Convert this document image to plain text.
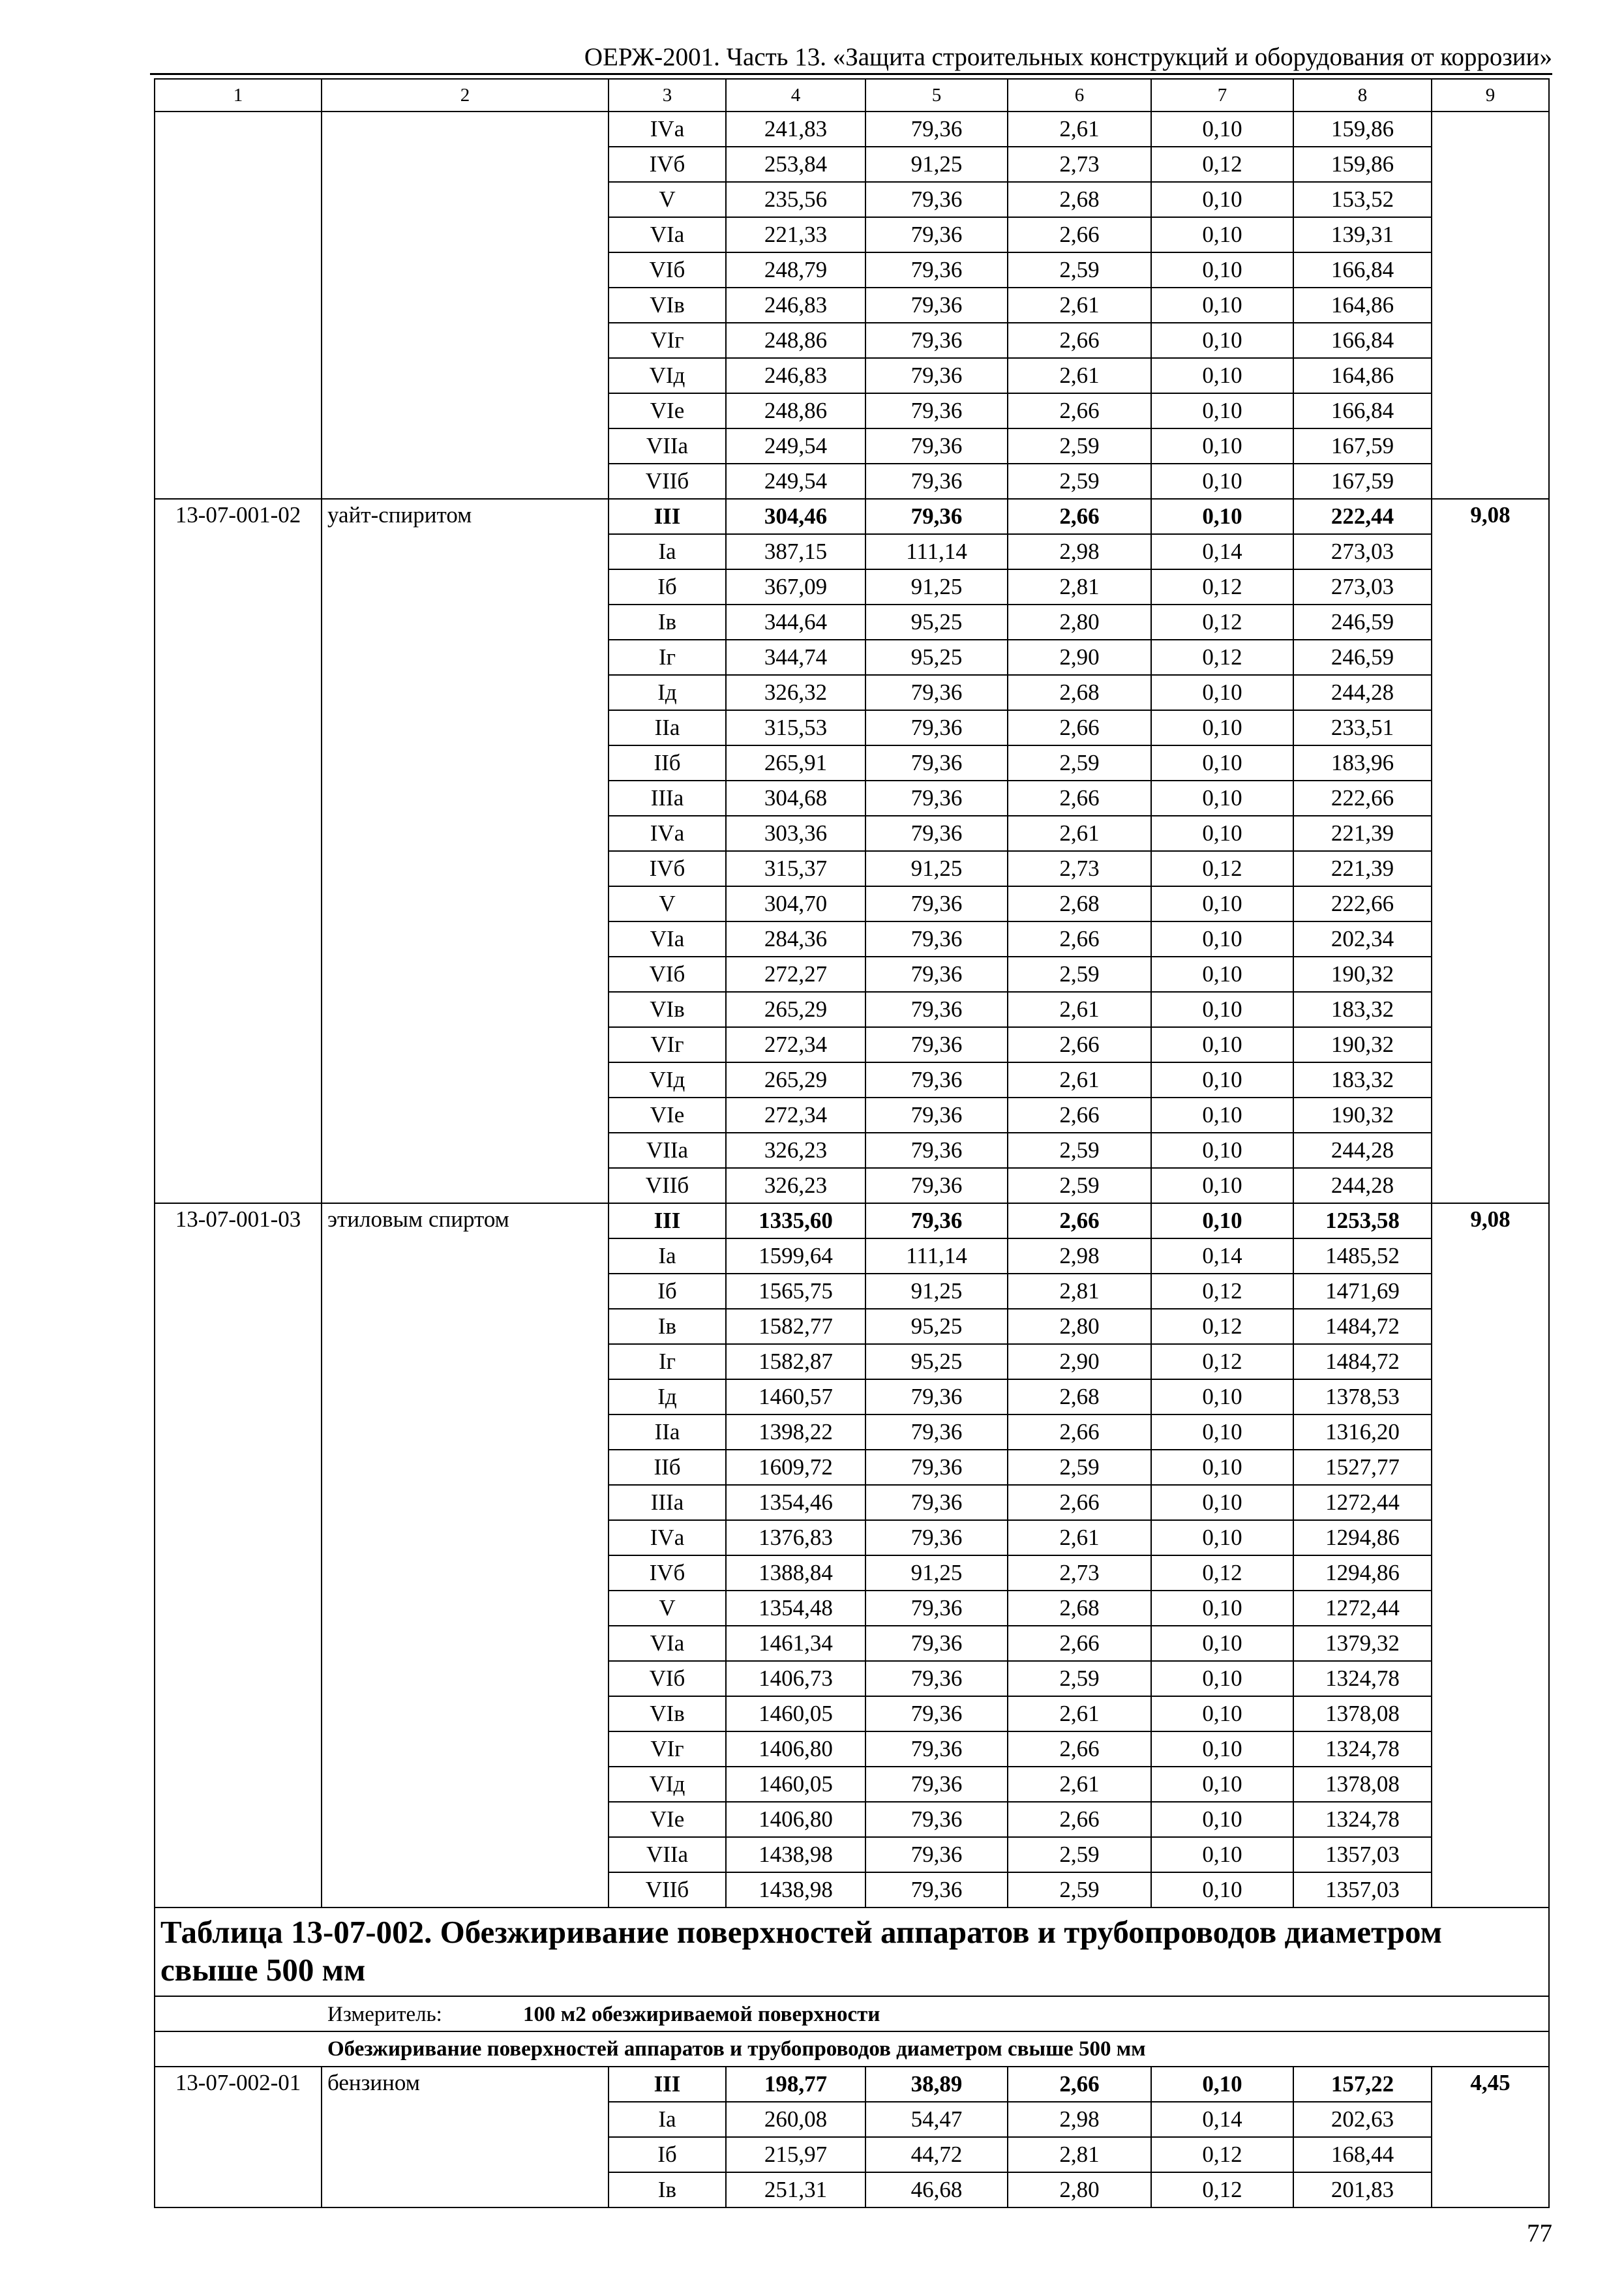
ОЕРЖ-2001. Часть 13. «Защита строительных конструкций и оборудования от коррозии»
1	2	3	4	5	6	7	8	9
		IVа	241,83	79,36	2,61	0,10	159,86	
		IVб	253,84	91,25	2,73	0,12	159,86	
		V	235,56	79,36	2,68	0,10	153,52	
		VIа	221,33	79,36	2,66	0,10	139,31	
		VIб	248,79	79,36	2,59	0,10	166,84	
		VIв	246,83	79,36	2,61	0,10	164,86	
		VIг	248,86	79,36	2,66	0,10	166,84	
		VIд	246,83	79,36	2,61	0,10	164,86	
		VIе	248,86	79,36	2,66	0,10	166,84	
		VIIа	249,54	79,36	2,59	0,10	167,59	
		VIIб	249,54	79,36	2,59	0,10	167,59	
13-07-001-02	уайт-спиритом	III	304,46	79,36	2,66	0,10	222,44	9,08
		Iа	387,15	111,14	2,98	0,14	273,03	
		Iб	367,09	91,25	2,81	0,12	273,03	
		Iв	344,64	95,25	2,80	0,12	246,59	
		Iг	344,74	95,25	2,90	0,12	246,59	
		Iд	326,32	79,36	2,68	0,10	244,28	
		IIа	315,53	79,36	2,66	0,10	233,51	
		IIб	265,91	79,36	2,59	0,10	183,96	
		IIIа	304,68	79,36	2,66	0,10	222,66	
		IVа	303,36	79,36	2,61	0,10	221,39	
		IVб	315,37	91,25	2,73	0,12	221,39	
		V	304,70	79,36	2,68	0,10	222,66	
		VIа	284,36	79,36	2,66	0,10	202,34	
		VIб	272,27	79,36	2,59	0,10	190,32	
		VIв	265,29	79,36	2,61	0,10	183,32	
		VIг	272,34	79,36	2,66	0,10	190,32	
		VIд	265,29	79,36	2,61	0,10	183,32	
		VIе	272,34	79,36	2,66	0,10	190,32	
		VIIа	326,23	79,36	2,59	0,10	244,28	
		VIIб	326,23	79,36	2,59	0,10	244,28	
13-07-001-03	этиловым спиртом	III	1335,60	79,36	2,66	0,10	1253,58	9,08
		Iа	1599,64	111,14	2,98	0,14	1485,52	
		Iб	1565,75	91,25	2,81	0,12	1471,69	
		Iв	1582,77	95,25	2,80	0,12	1484,72	
		Iг	1582,87	95,25	2,90	0,12	1484,72	
		Iд	1460,57	79,36	2,68	0,10	1378,53	
		IIа	1398,22	79,36	2,66	0,10	1316,20	
		IIб	1609,72	79,36	2,59	0,10	1527,77	
		IIIа	1354,46	79,36	2,66	0,10	1272,44	
		IVа	1376,83	79,36	2,61	0,10	1294,86	
		IVб	1388,84	91,25	2,73	0,12	1294,86	
		V	1354,48	79,36	2,68	0,10	1272,44	
		VIа	1461,34	79,36	2,66	0,10	1379,32	
		VIб	1406,73	79,36	2,59	0,10	1324,78	
		VIв	1460,05	79,36	2,61	0,10	1378,08	
		VIг	1406,80	79,36	2,66	0,10	1324,78	
		VIд	1460,05	79,36	2,61	0,10	1378,08	
		VIе	1406,80	79,36	2,66	0,10	1324,78	
		VIIа	1438,98	79,36	2,59	0,10	1357,03	
		VIIб	1438,98	79,36	2,59	0,10	1357,03	
Таблица 13-07-002. Обезжиривание поверхностей аппаратов и трубопроводов диаметром свыше 500 мм								
Измеритель: 100 м2 обезжириваемой поверхности								
Обезжиривание поверхностей аппаратов и трубопроводов диаметром свыше 500 мм								
13-07-002-01	бензином	III	198,77	38,89	2,66	0,10	157,22	4,45
		Iа	260,08	54,47	2,98	0,14	202,63	
		Iб	215,97	44,72	2,81	0,12	168,44	
		Iв	251,31	46,68	2,80	0,12	201,83	
77
